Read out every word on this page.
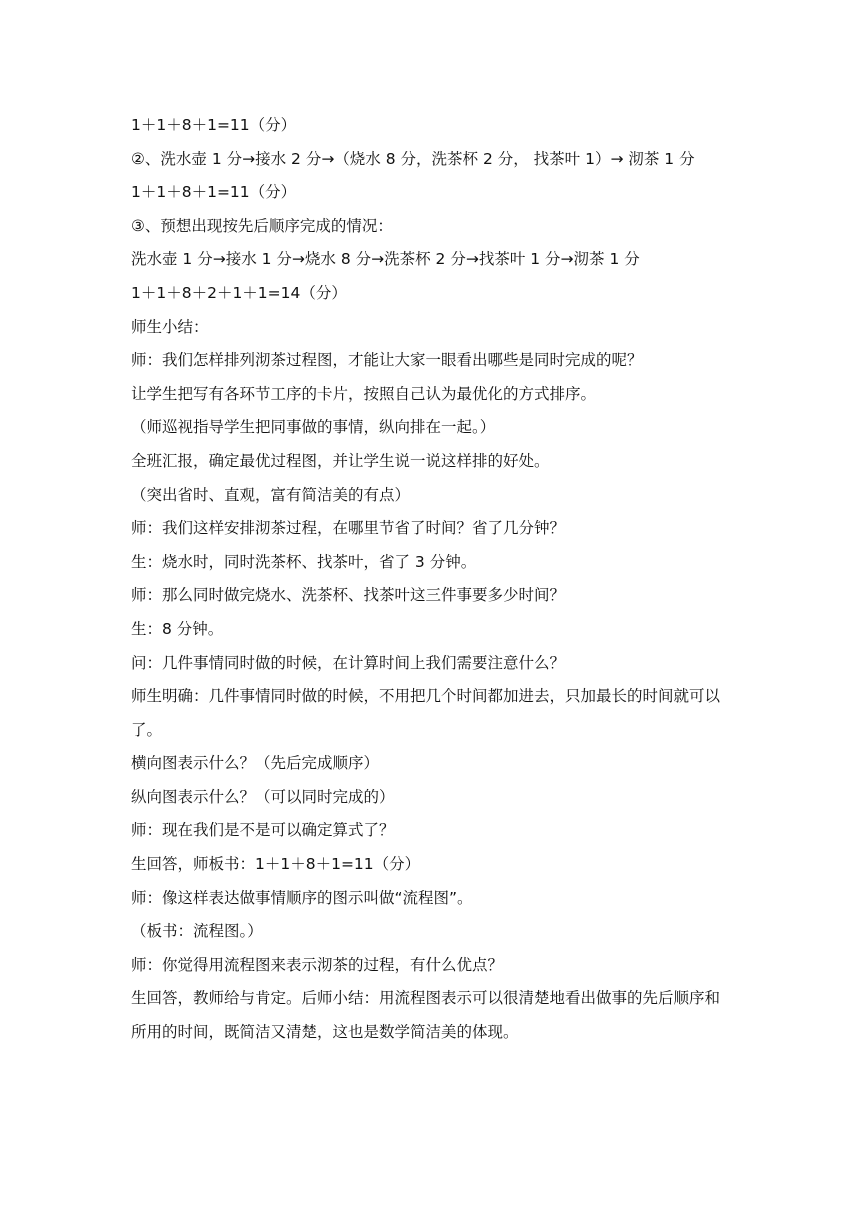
1＋1＋8＋1=11（分）

②、洗水壶 1 分→接水 2 分→（烧水 8 分，洗茶杯 2 分， 找茶叶 1）→ 沏茶 1 分

1＋1＋8＋1=11（分）

③、预想出现按先后顺序完成的情况：

洗水壶 1 分→接水 1 分→烧水 8 分→洗茶杯 2 分→找茶叶 1 分→沏茶 1 分

1＋1＋8＋2＋1＋1=14（分）

师生小结：

师：我们怎样排列沏茶过程图，才能让大家一眼看出哪些是同时完成的呢？

让学生把写有各环节工序的卡片，按照自己认为最优化的方式排序。

（师巡视指导学生把同事做的事情，纵向排在一起。）

全班汇报，确定最优过程图，并让学生说一说这样排的好处。

（突出省时、直观，富有简洁美的有点）

师：我们这样安排沏茶过程，在哪里节省了时间？省了几分钟？

生：烧水时，同时洗茶杯、找茶叶，省了 3 分钟。

师：那么同时做完烧水、洗茶杯、找茶叶这三件事要多少时间？

生：8 分钟。

问：几件事情同时做的时候，在计算时间上我们需要注意什么？

师生明确：几件事情同时做的时候，不用把几个时间都加进去，只加最长的时间就可以了。

横向图表示什么？（先后完成顺序）

纵向图表示什么？（可以同时完成的）

师：现在我们是不是可以确定算式了？

生回答，师板书：1＋1＋8＋1=11（分）

师：像这样表达做事情顺序的图示叫做“流程图”。

（板书：流程图。）

师：你觉得用流程图来表示沏茶的过程，有什么优点？

生回答，教师给与肯定。后师小结：用流程图表示可以很清楚地看出做事的先后顺序和所用的时间，既简洁又清楚，这也是数学简洁美的体现。
